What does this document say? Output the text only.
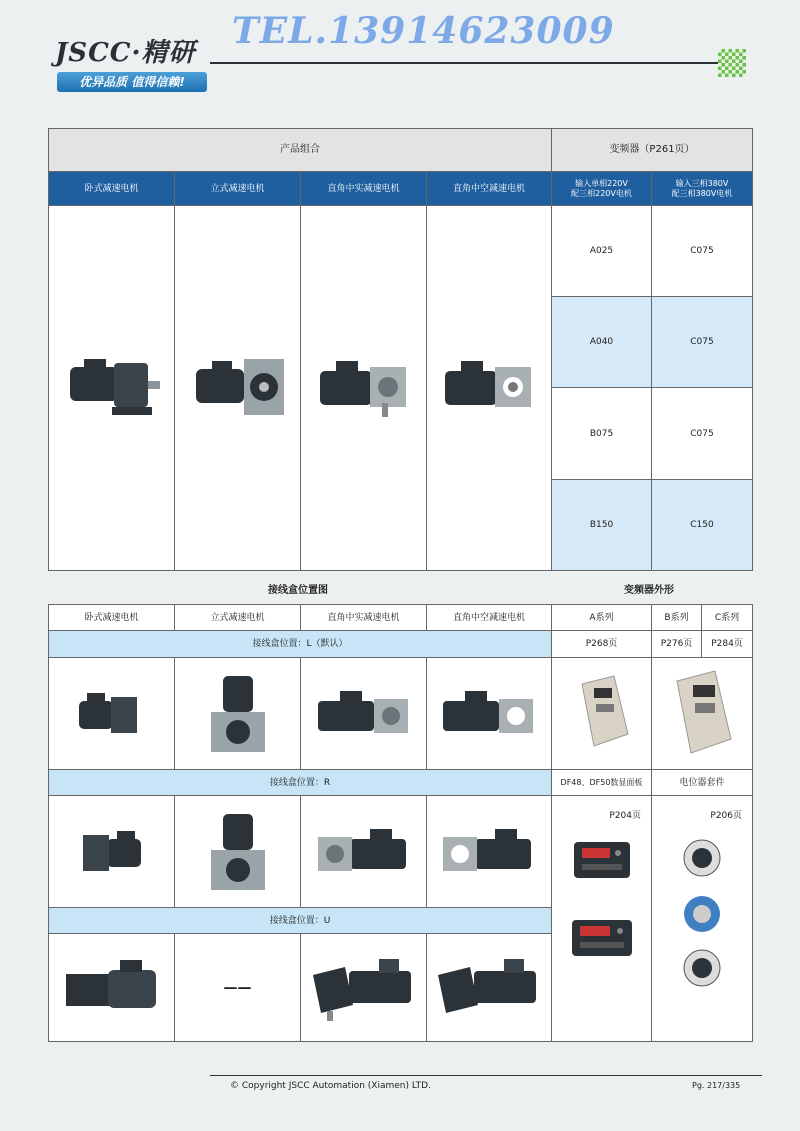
JSCC·精研
优异品质 值得信赖!
TEL.13914623009
产品组合	变频器（P261页）
卧式减速电机	立式减速电机	直角中实减速电机	直角中空减速电机
输入单相220V
配三相220V电机
输入三相380V
配三相380V电机
A025	C075
A040	C075
B075	C075
B150	C150
接线盒位置图	变频器外形
卧式减速电机	立式减速电机	直角中实减速电机	直角中空减速电机	A系列	B系列	C系列
接线盒位置：L（默认）	P268页	P276页	P284页
接线盒位置：R	DF48、DF50数显面板	电位器套件
P204页	P206页
接线盒位置：U
——
© Copyright JSCC Automation (Xiamen) LTD.	Pg. 217/335
